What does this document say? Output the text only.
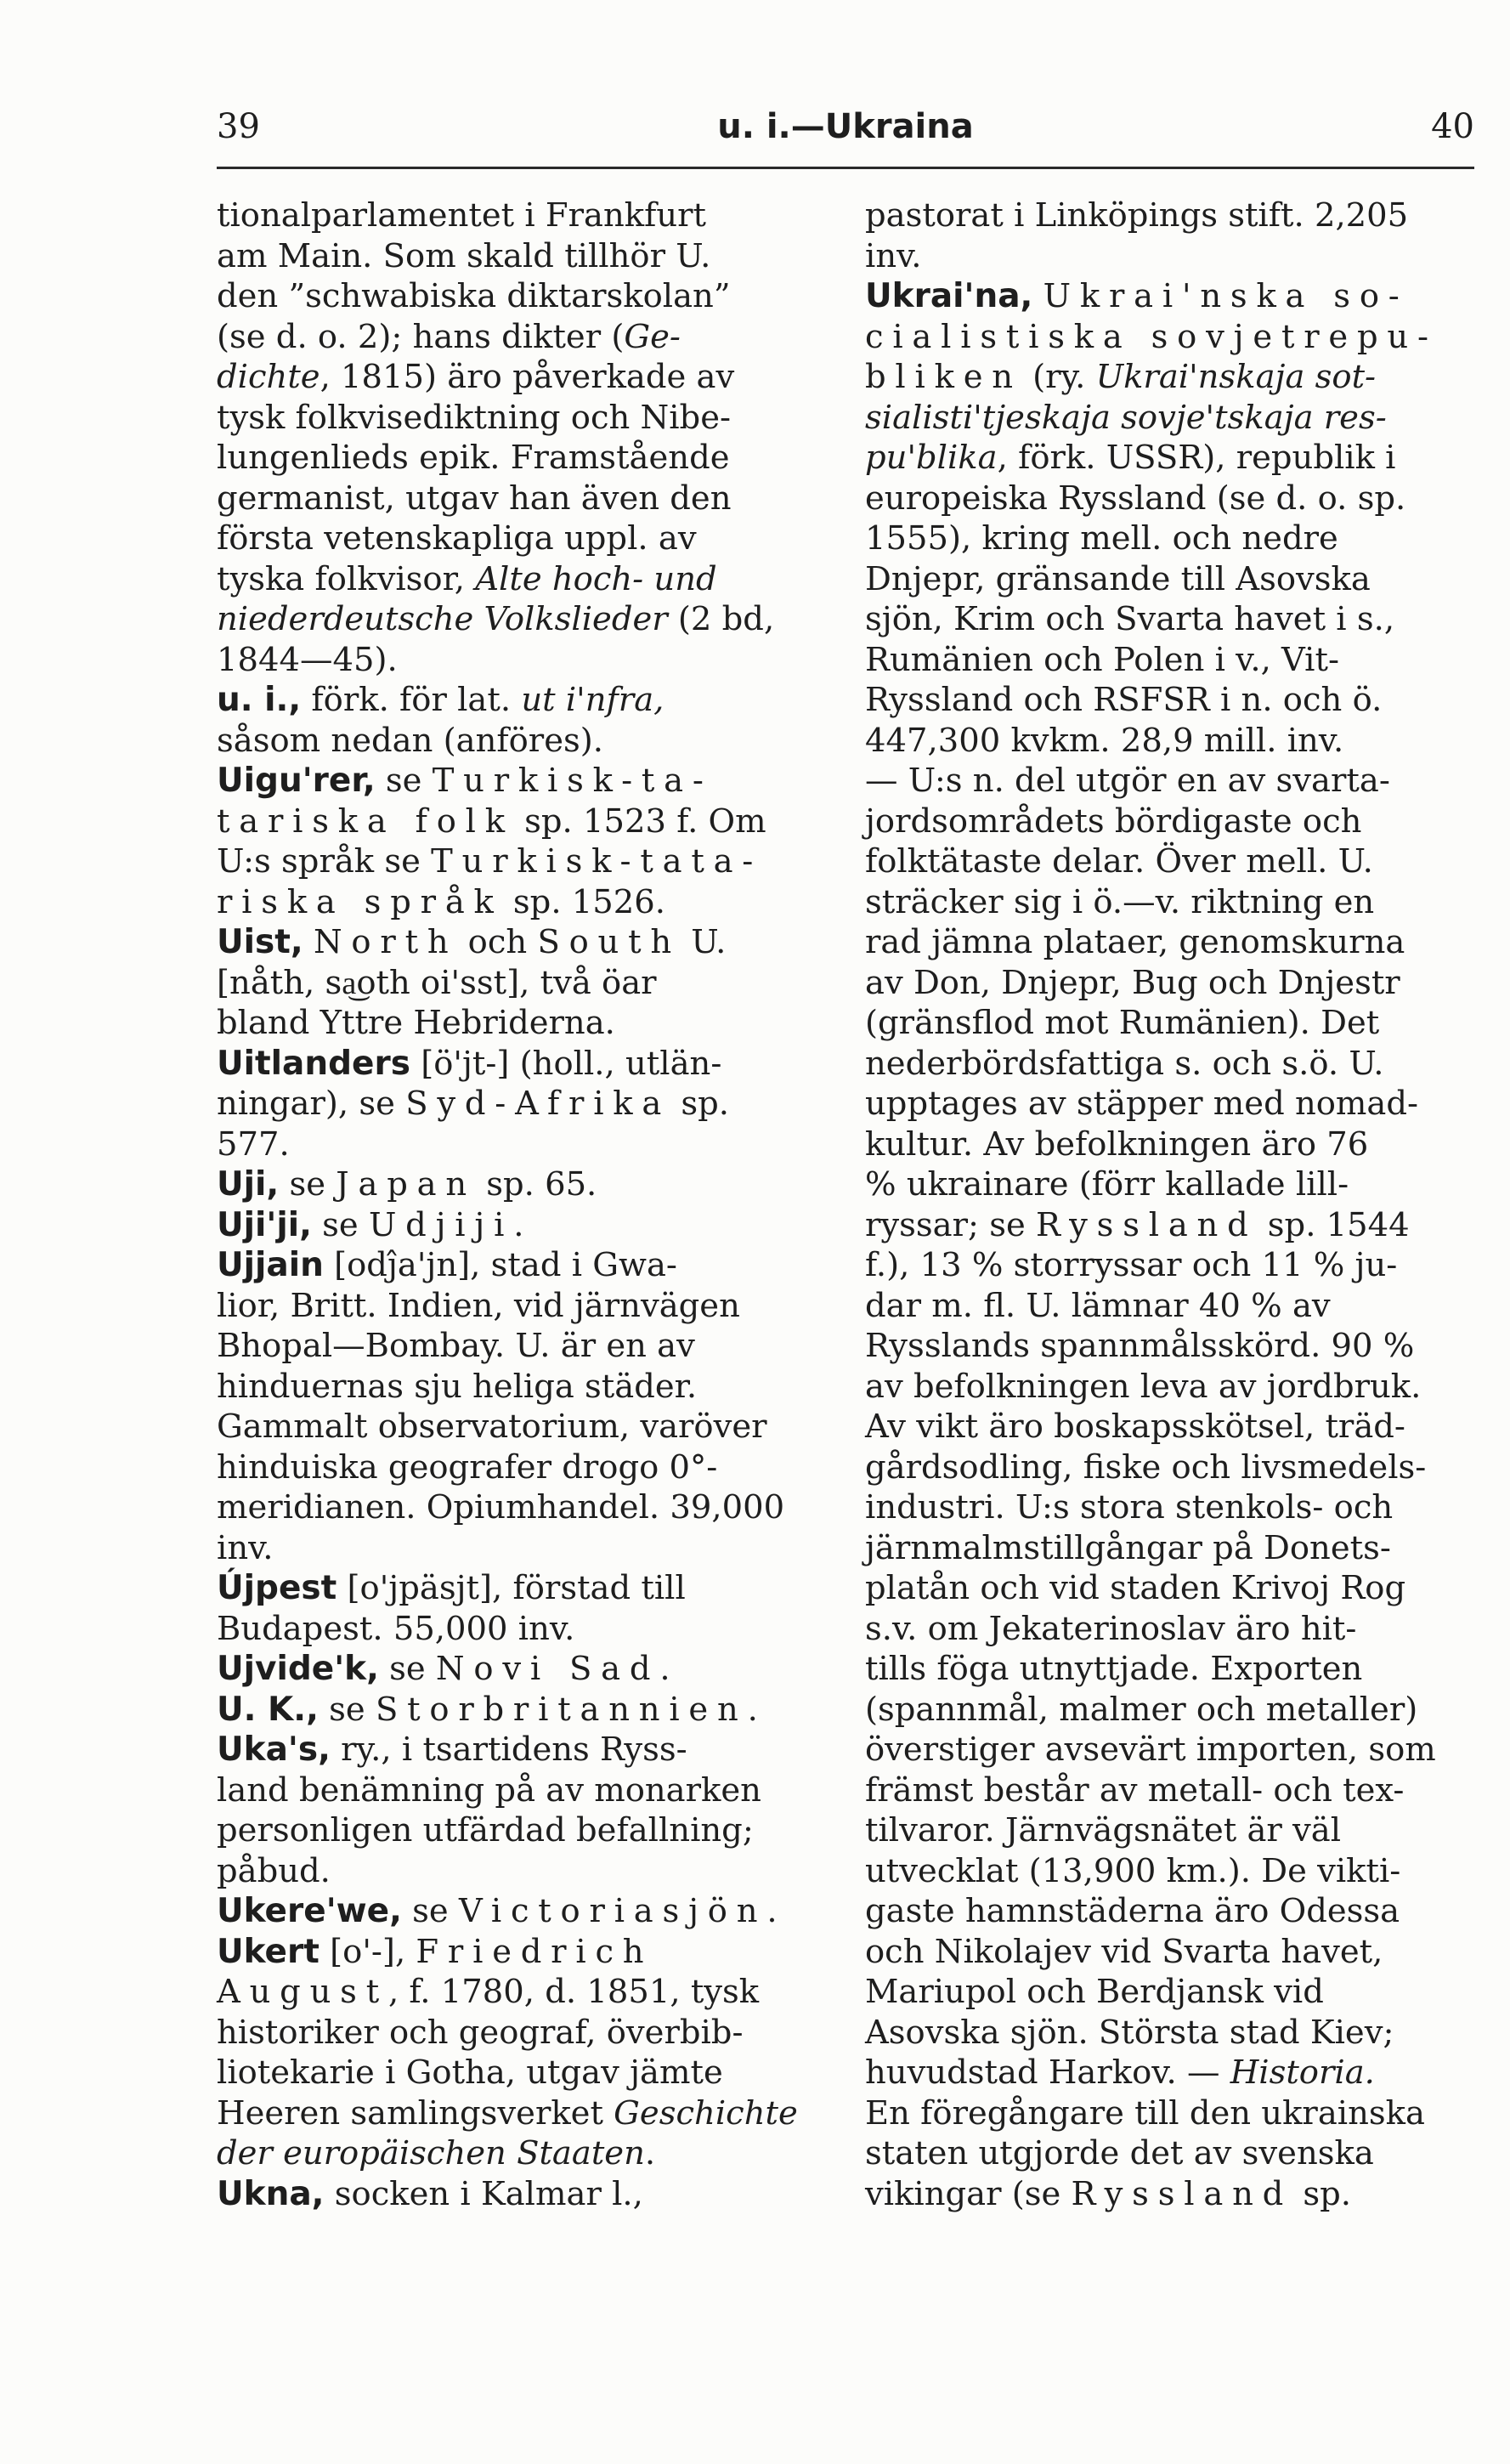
39	u. i.—Ukraina	40
tionalparlamentet i Frankfurt
am Main. Som skald tillhör U.
den ”schwabiska diktarskolan”
(se d. o. 2); hans dikter (Ge-
dichte, 1815) äro påverkade av
tysk folkvisediktning och Nibe-
lungenlieds epik. Framstående
germanist, utgav han även den
första vetenskapliga uppl. av
tyska folkvisor, Alte hoch- und
niederdeutsche Volkslieder (2 bd,
1844—45).
u. i., förk. för lat. ut i'nfra,
såsom nedan (anföres).
Uigu'rer, se Turkisk-ta-
tariska folk sp. 1523 f. Om
U:s språk se Turkisk-tata-
riska språk sp. 1526.
Uist, North och South U.
[nåth, sa͜oth oi'sst], två öar
bland Yttre Hebriderna.
Uitlanders [ö'jt-] (holl., utlän-
ningar), se Syd-Afrika sp.
577.
Uji, se Japan sp. 65.
Uji'ji, se Udjiji.
Ujjain [odĵa'jn], stad i Gwa-
lior, Britt. Indien, vid järnvägen
Bhopal—Bombay. U. är en av
hinduernas sju heliga städer.
Gammalt observatorium, varöver
hinduiska geografer drogo 0°-
meridianen. Opiumhandel. 39,000
inv.
Újpest [o'jpäsjt], förstad till
Budapest. 55,000 inv.
Ujvide'k, se Novi Sad.
U. K., se Storbritannien.
Uka's, ry., i tsartidens Ryss-
land benämning på av monarken
personligen utfärdad befallning;
påbud.
Ukere'we, se Victoriasjön.
Ukert [o'-], Friedrich
August, f. 1780, d. 1851, tysk
historiker och geograf, överbib-
liotekarie i Gotha, utgav jämte
Heeren samlingsverket Geschichte
der europäischen Staaten.
Ukna, socken i Kalmar l.,
pastorat i Linköpings stift. 2,205
inv.
Ukrai'na, Ukrai'nska so-
cialistiska sovjetrepu-
bliken (ry. Ukrai'nskaja sot-
sialisti'tjeskaja sovje'tskaja res-
pu'blika, förk. USSR), republik i
europeiska Ryssland (se d. o. sp.
1555), kring mell. och nedre
Dnjepr, gränsande till Asovska
sjön, Krim och Svarta havet i s.,
Rumänien och Polen i v., Vit-
Ryssland och RSFSR i n. och ö.
447,300 kvkm. 28,9 mill. inv.
— U:s n. del utgör en av svarta-
jordsområdets bördigaste och
folktätaste delar. Över mell. U.
sträcker sig i ö.—v. riktning en
rad jämna plataer, genomskurna
av Don, Dnjepr, Bug och Dnjestr
(gränsflod mot Rumänien). Det
nederbördsfattiga s. och s.ö. U.
upptages av stäpper med nomad-
kultur. Av befolkningen äro 76
% ukrainare (förr kallade lill-
ryssar; se Ryssland sp. 1544
f.), 13 % storryssar och 11 % ju-
dar m. fl. U. lämnar 40 % av
Rysslands spannmålsskörd. 90 %
av befolkningen leva av jordbruk.
Av vikt äro boskapsskötsel, träd-
gårdsodling, fiske och livsmedels-
industri. U:s stora stenkols- och
järnmalmstillgångar på Donets-
platån och vid staden Krivoj Rog
s.v. om Jekaterinoslav äro hit-
tills föga utnyttjade. Exporten
(spannmål, malmer och metaller)
överstiger avsevärt importen, som
främst består av metall- och tex-
tilvaror. Järnvägsnätet är väl
utvecklat (13,900 km.). De vikti-
gaste hamnstäderna äro Odessa
och Nikolajev vid Svarta havet,
Mariupol och Berdjansk vid
Asovska sjön. Största stad Kiev;
huvudstad Harkov. — Historia.
En föregångare till den ukrainska
staten utgjorde det av svenska
vikingar (se Ryssland sp.
